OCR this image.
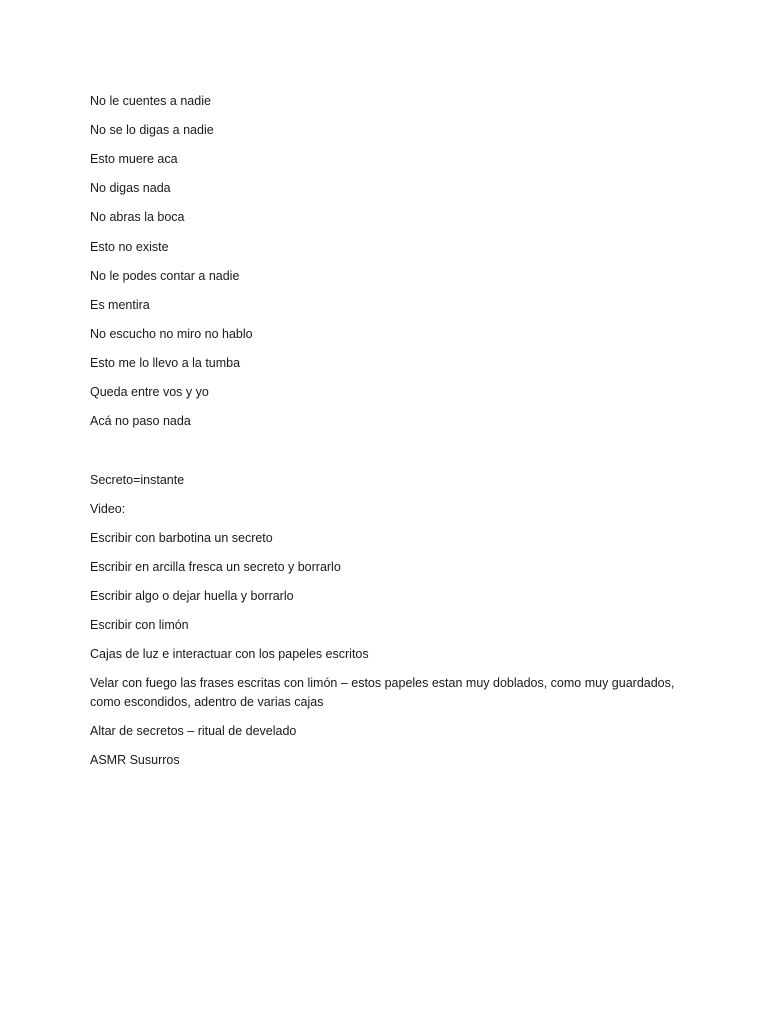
No le cuentes a nadie

No se lo digas a nadie

Esto muere aca

No digas nada

No abras la boca

Esto no existe

No le podes contar a nadie

Es mentira

No escucho no miro no hablo

Esto me lo llevo a la tumba

Queda entre vos y yo

Acá no paso nada

Secreto=instante

Video:

Escribir con barbotina un secreto

Escribir en arcilla fresca un secreto y borrarlo

Escribir algo o dejar huella y borrarlo

Escribir con limón

Cajas de luz e interactuar con los papeles escritos

Velar con fuego las frases escritas con limón – estos papeles estan muy doblados, como muy guardados, como escondidos, adentro de varias cajas

Altar de secretos – ritual de develado

ASMR Susurros
